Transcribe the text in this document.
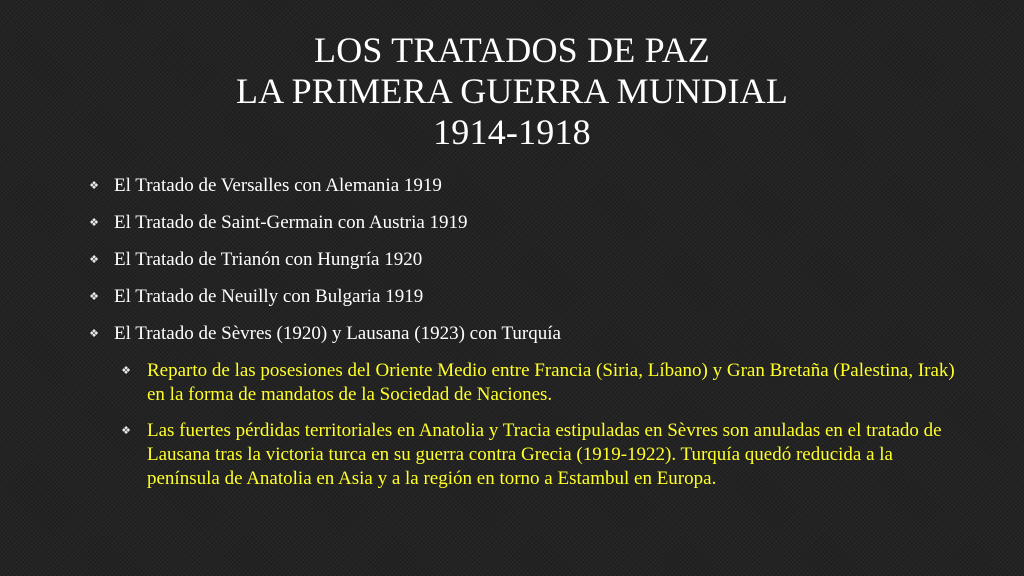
LOS TRATADOS DE PAZ
LA PRIMERA GUERRA MUNDIAL
1914-1918
❖ El Tratado de Versalles con Alemania 1919
❖ El Tratado de Saint-Germain con Austria 1919
❖ El Tratado de Trianón con Hungría 1920
❖ El Tratado de Neuilly con Bulgaria 1919
❖ El Tratado de Sèvres (1920) y Lausana (1923) con Turquía
❖ Reparto de las posesiones del Oriente Medio entre Francia (Siria, Líbano) y Gran Bretaña (Palestina, Irak) en la forma de mandatos de la Sociedad de Naciones.
❖ Las fuertes pérdidas territoriales en Anatolia y Tracia estipuladas en Sèvres son anuladas en el tratado de Lausana tras la victoria turca en su guerra contra Grecia (1919-1922). Turquía quedó reducida a la península de Anatolia en Asia y a la región en torno a Estambul en Europa.
